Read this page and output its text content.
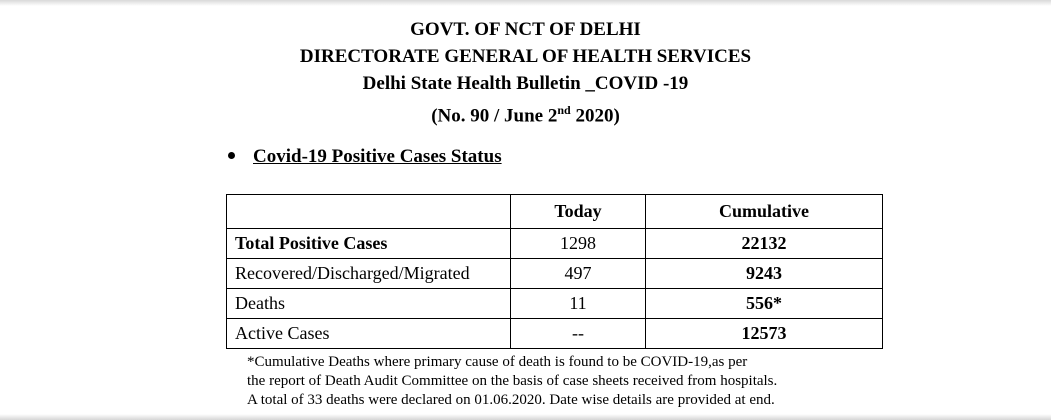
GOVT. OF NCT OF DELHI
DIRECTORATE GENERAL OF HEALTH SERVICES
Delhi State Health Bulletin _COVID -19
(No. 90 / June 2nd 2020)
Covid-19 Positive Cases Status
	Today	Cumulative
Total Positive Cases	1298	22132
Recovered/Discharged/Migrated	497	9243
Deaths	11	556*
Active Cases	--	12573
*Cumulative Deaths where primary cause of death is found to be COVID-19,as per
the report of Death Audit Committee on the basis of case sheets received from hospitals.
A total of 33 deaths were declared on 01.06.2020. Date wise details are provided at end.
